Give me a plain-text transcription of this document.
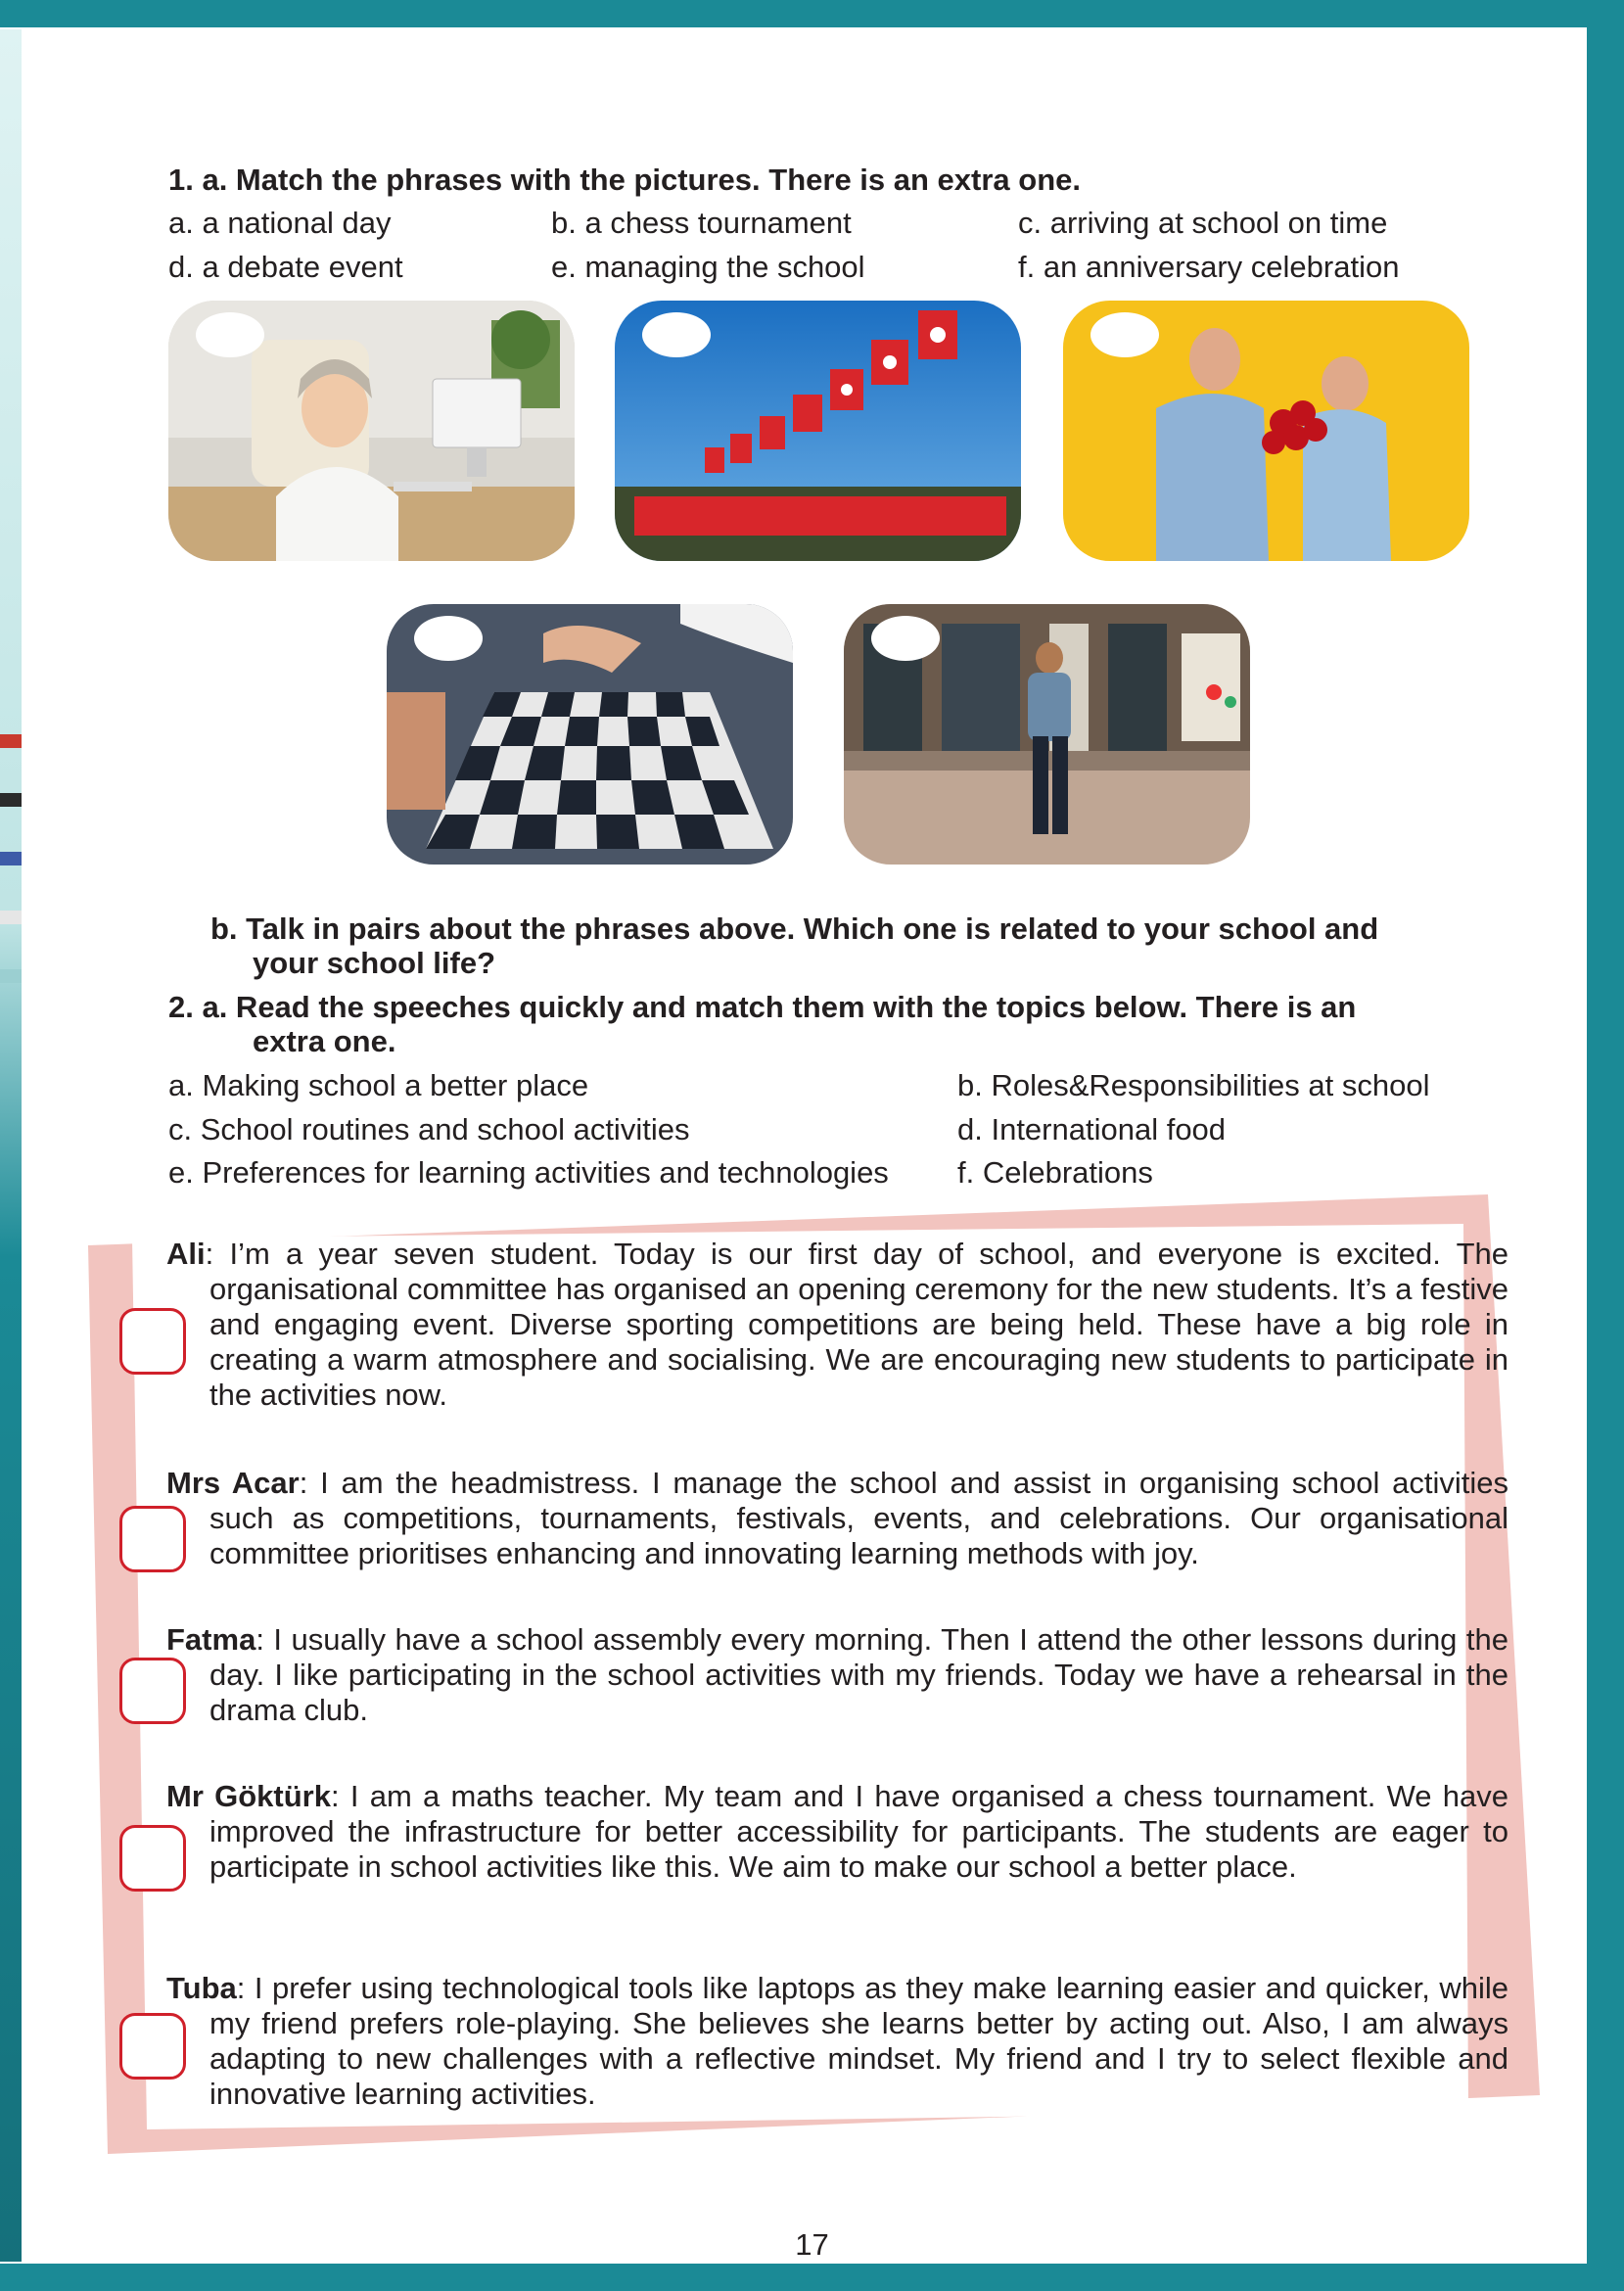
1. a. Match the phrases with the pictures. There is an extra one.
a. a national day	b. a chess tournament	c. arriving at school on time
d. a debate event	e. managing the school	f. an anniversary celebration
b. Talk in pairs about the phrases above. Which one is related to your school and
your school life?
2. a. Read the speeches quickly and match them with the topics below. There is an
extra one.
a. Making school a better place	b. Roles&Responsibilities at school
c. School routines and school activities	d. International food
e. Preferences for learning activities and technologies f. Celebrations
Ali: I’m a year seven student. Today is our first day of school, and everyone is excited. The organisational committee has organised an opening ceremony for the new students. It’s a festive and engaging event. Diverse sporting competitions are being held. These have a big role in creating a warm atmosphere and socialising. We are encouraging new students to participate in the activities now.
Mrs Acar: I am the headmistress. I manage the school and assist in organising school activities such as competitions, tournaments, festivals, events, and celebrations. Our organisational committee prioritises enhancing and innovating learning methods with joy.
Fatma: I usually have a school assembly every morning. Then I attend the other lessons during the day. I like participating in the school activities with my friends. Today we have a rehearsal in the drama club.
Mr Göktürk: I am a maths teacher. My team and I have organised a chess tournament. We have improved the infrastructure for better accessibility for participants. The students are eager to participate in school activities like this. We aim to make our school a better place.
Tuba: I prefer using technological tools like laptops as they make learning easier and quicker, while my friend prefers role-playing. She believes she learns better by acting out. Also, I am always adapting to new challenges with a reflective mindset. My friend and I try to select flexible and innovative learning activities.
17
